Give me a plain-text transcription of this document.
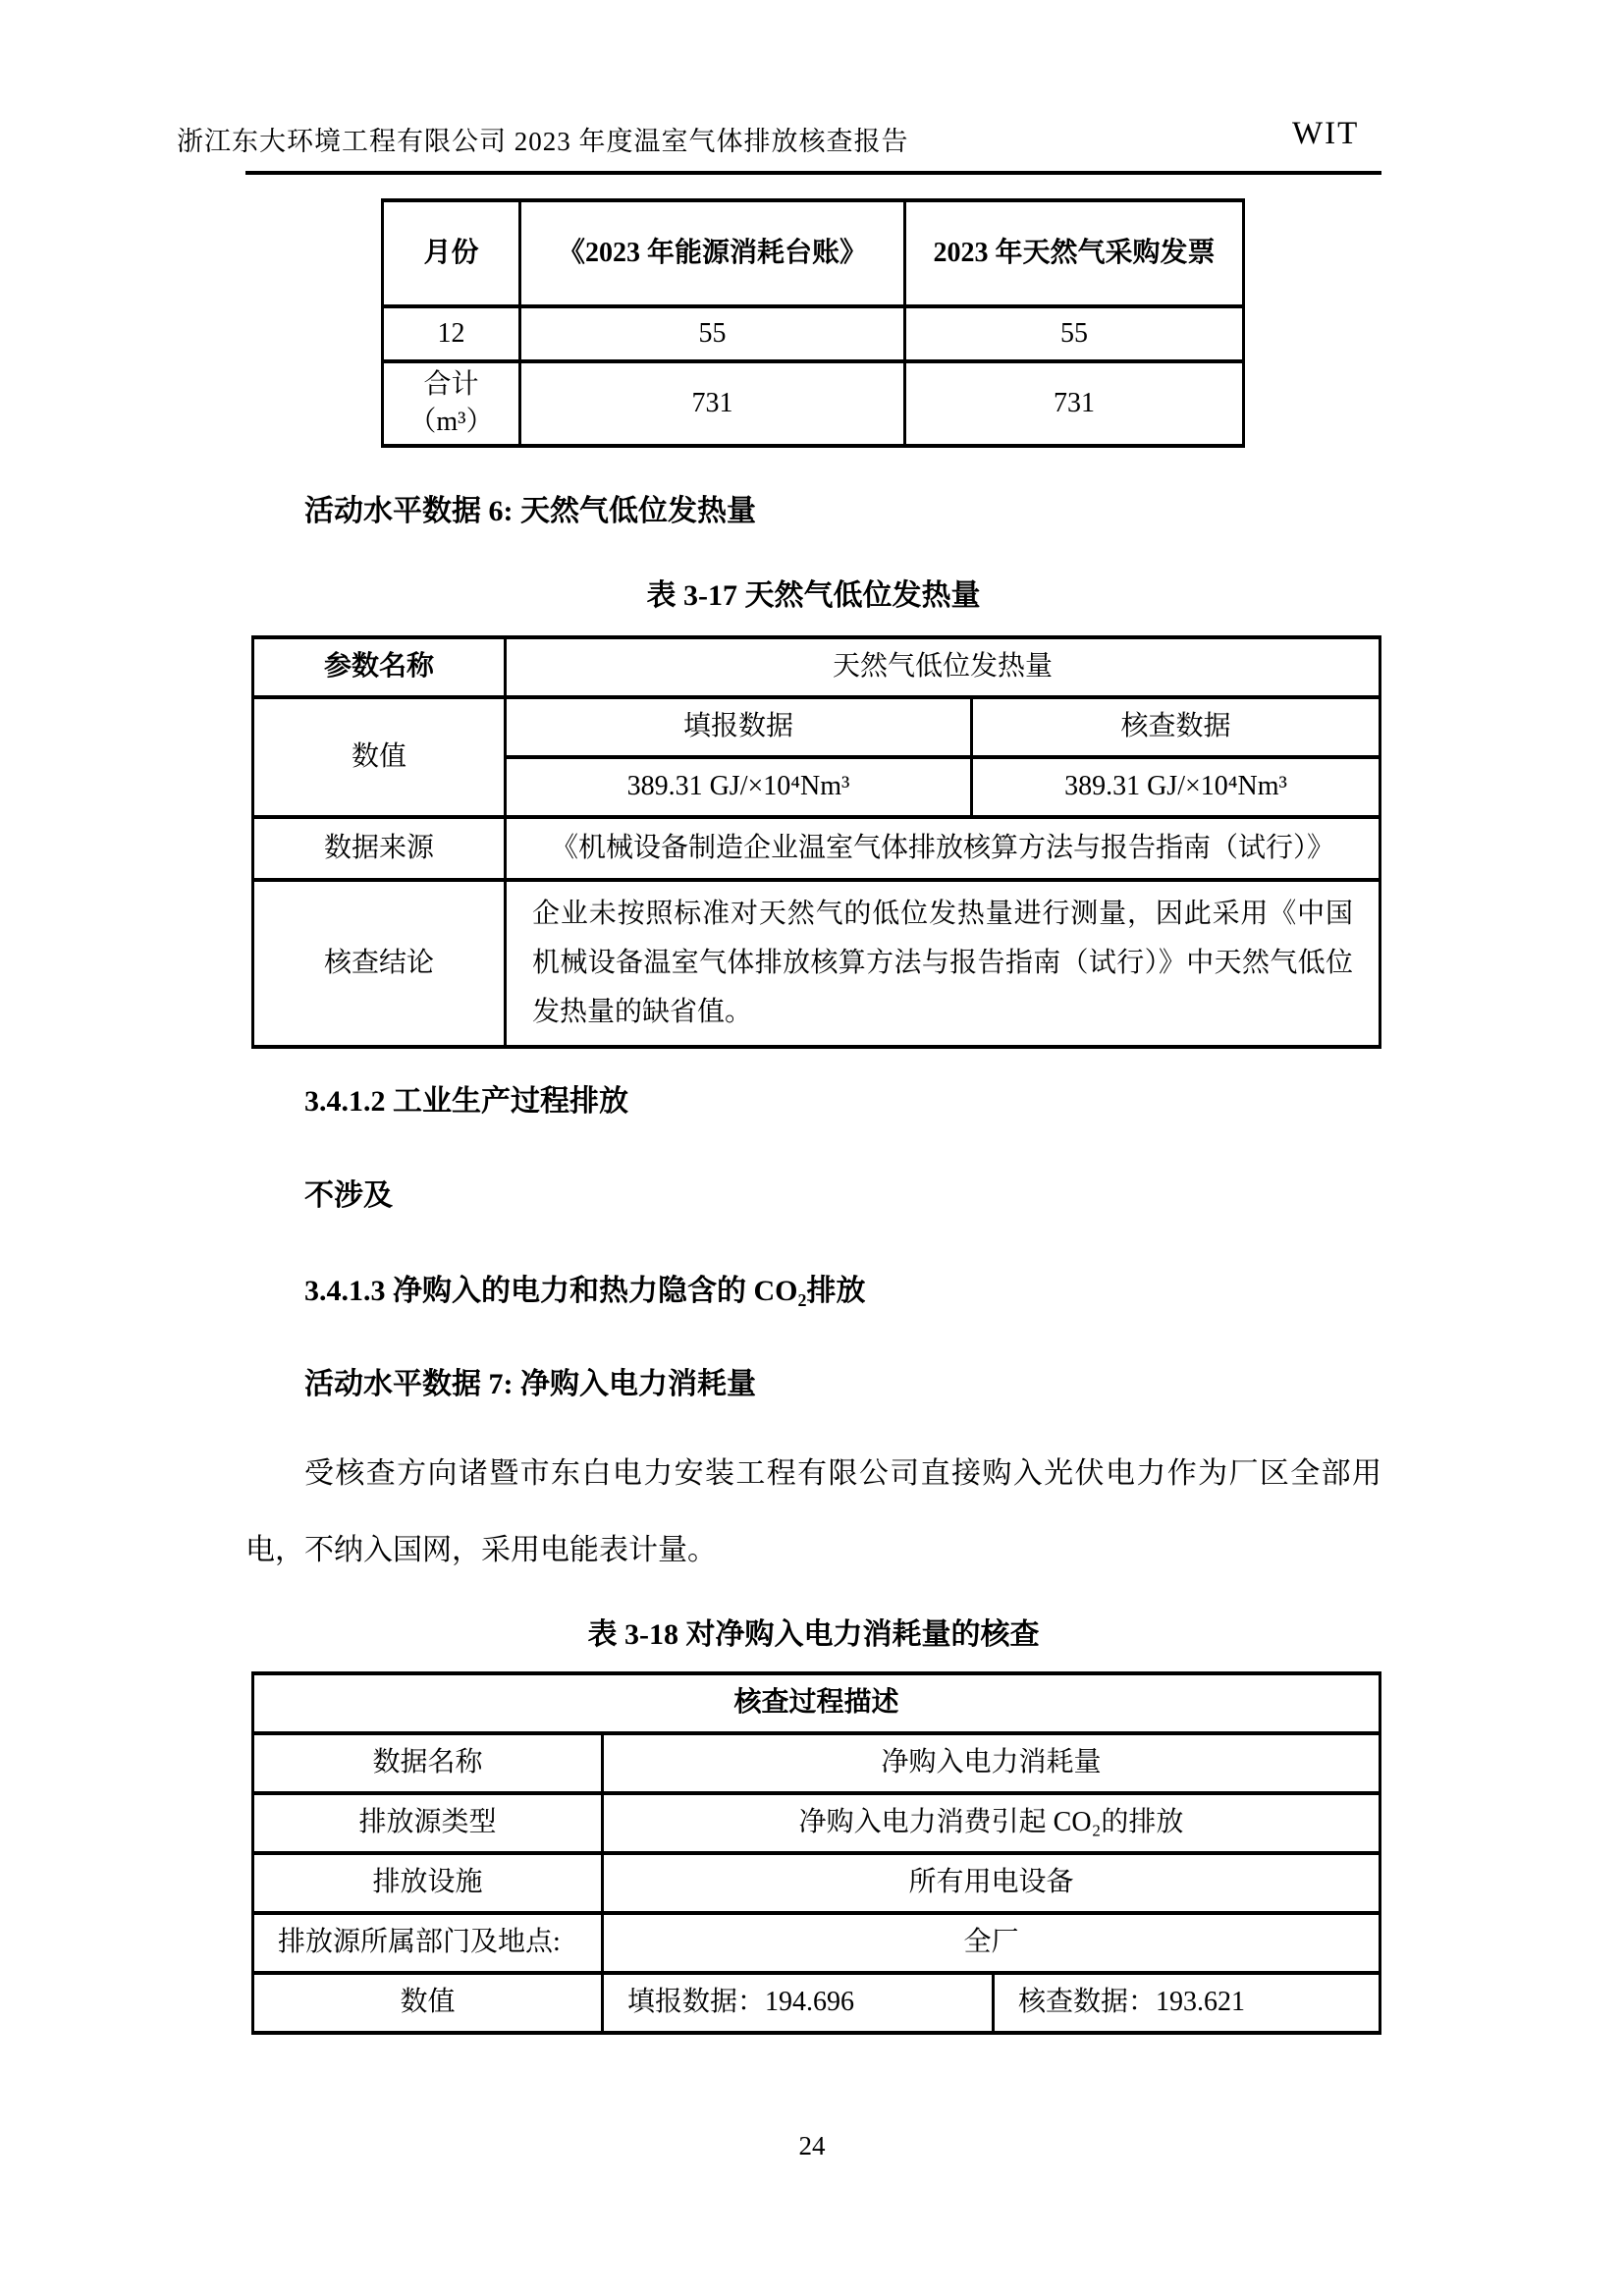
浙江东大环境工程有限公司 2023 年度温室气体排放核查报告	WIT
月份	《2023 年能源消耗台账》	2023 年天然气采购发票
12	55	55

合计
（m³）	731	731
活动水平数据 6: 天然气低位发热量
表 3-17 天然气低位发热量
参数名称	天然气低位发热量	
数值	填报数据	核查数据
	389.31 GJ/×10⁴Nm³	389.31 GJ/×10⁴Nm³
数据来源	《机械设备制造企业温室气体排放核算方法与报告指南（试行）》	
核查结论	企业未按照标准对天然气的低位发热量进行测量，因此采用《中国机械设备温室气体排放核算方法与报告指南（试行）》中天然气低位发热量的缺省值。	
3.4.1.2 工业生产过程排放
不涉及
3.4.1.3 净购入的电力和热力隐含的 CO₂排放
活动水平数据 7: 净购入电力消耗量
受核查方向诸暨市东白电力安装工程有限公司直接购入光伏电力作为厂区全部用电，不纳入国网，采用电能表计量。
表 3-18 对净购入电力消耗量的核查
核查过程描述		
数据名称	净购入电力消耗量	
排放源类型	净购入电力消费引起 CO₂的排放	
排放设施	所有用电设备	
排放源所属部门及地点:	全厂	
数值	填报数据：194.696	核查数据：193.621
24
